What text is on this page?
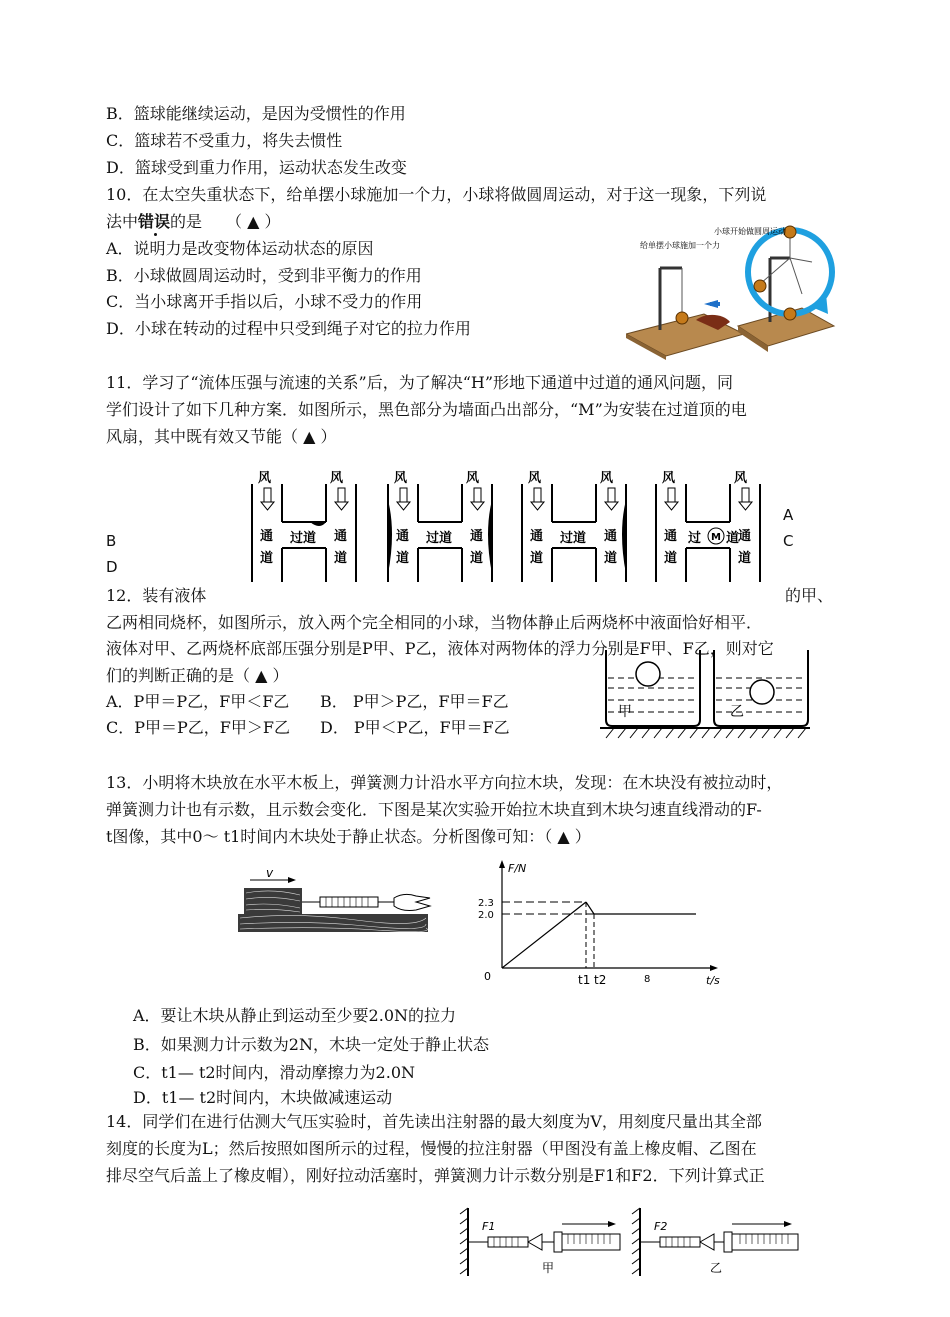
B．篮球能继续运动，是因为受惯性的作用
C．篮球若不受重力，将失去惯性
D．篮球受到重力作用，运动状态发生改变
10．在太空失重状态下，给单摆小球施加一个力，小球将做圆周运动，对于这一现象，下列说
法中错误的是　　（ ▲ ）
A．说明力是改变物体运动状态的原因
B．小球做圆周运动时，受到非平衡力的作用
C．当小球离开手指以后，小球不受力的作用
D．小球在转动的过程中只受到绳子对它的拉力作用
给单摆小球施加一个力
小球开始做圆周运动
11．学习了“流体压强与流速的关系”后，为了解决“H”形地下通道中过道的通风问题，同
学们设计了如下几种方案．如图所示，黑色部分为墙面凸出部分，“M”为安装在过道顶的电
风扇，其中既有效又节能（ ▲ ）
风	风
通
道
通
道
过道
风	风
通
道
通
道
过道
风	风
通
道
通
道
过道
风	风
通
道
通
道
过 M 道
A
B	C
D
12．装有液体	的甲、
乙两相同烧杯，如图所示，放入两个完全相同的小球，当物体静止后两烧杯中液面恰好相平．
液体对甲、乙两烧杯底部压强分别是P甲、P乙，液体对两物体的浮力分别是F甲、F乙，则对它
们的判断正确的是（ ▲ ）
A．P甲＝P乙，F甲＜F乙 B． P甲＞P乙，F甲＝F乙
C．P甲＝P乙，F甲＞F乙 D． P甲＜P乙，F甲＝F乙
甲	乙
13．小明将木块放在水平木板上，弹簧测力计沿水平方向拉木块，发现：在木块没有被拉动时，
弹簧测力计也有示数，且示数会变化．下图是某次实验开始拉木块直到木块匀速直线滑动的F-
t图像，其中0～ t1时间内木块处于静止状态。分析图像可知：（ ▲ ）
v	F/N
t/s
0
2.3
2.0
t1 t2	8
A．要让木块从静止到运动至少要2.0N的拉力
B．如果测力计示数为2N，木块一定处于静止状态
C．t1— t2时间内，滑动摩擦力为2.0N
D．t1— t2时间内，木块做减速运动
14．同学们在进行估测大气压实验时，首先读出注射器的最大刻度为V，用刻度尺量出其全部
刻度的长度为L；然后按照如图所示的过程，慢慢的拉注射器（甲图没有盖上橡皮帽、乙图在
排尽空气后盖上了橡皮帽），刚好拉动活塞时，弹簧测力计示数分别是F1和F2．下列计算式正
F1
甲
F2
乙
